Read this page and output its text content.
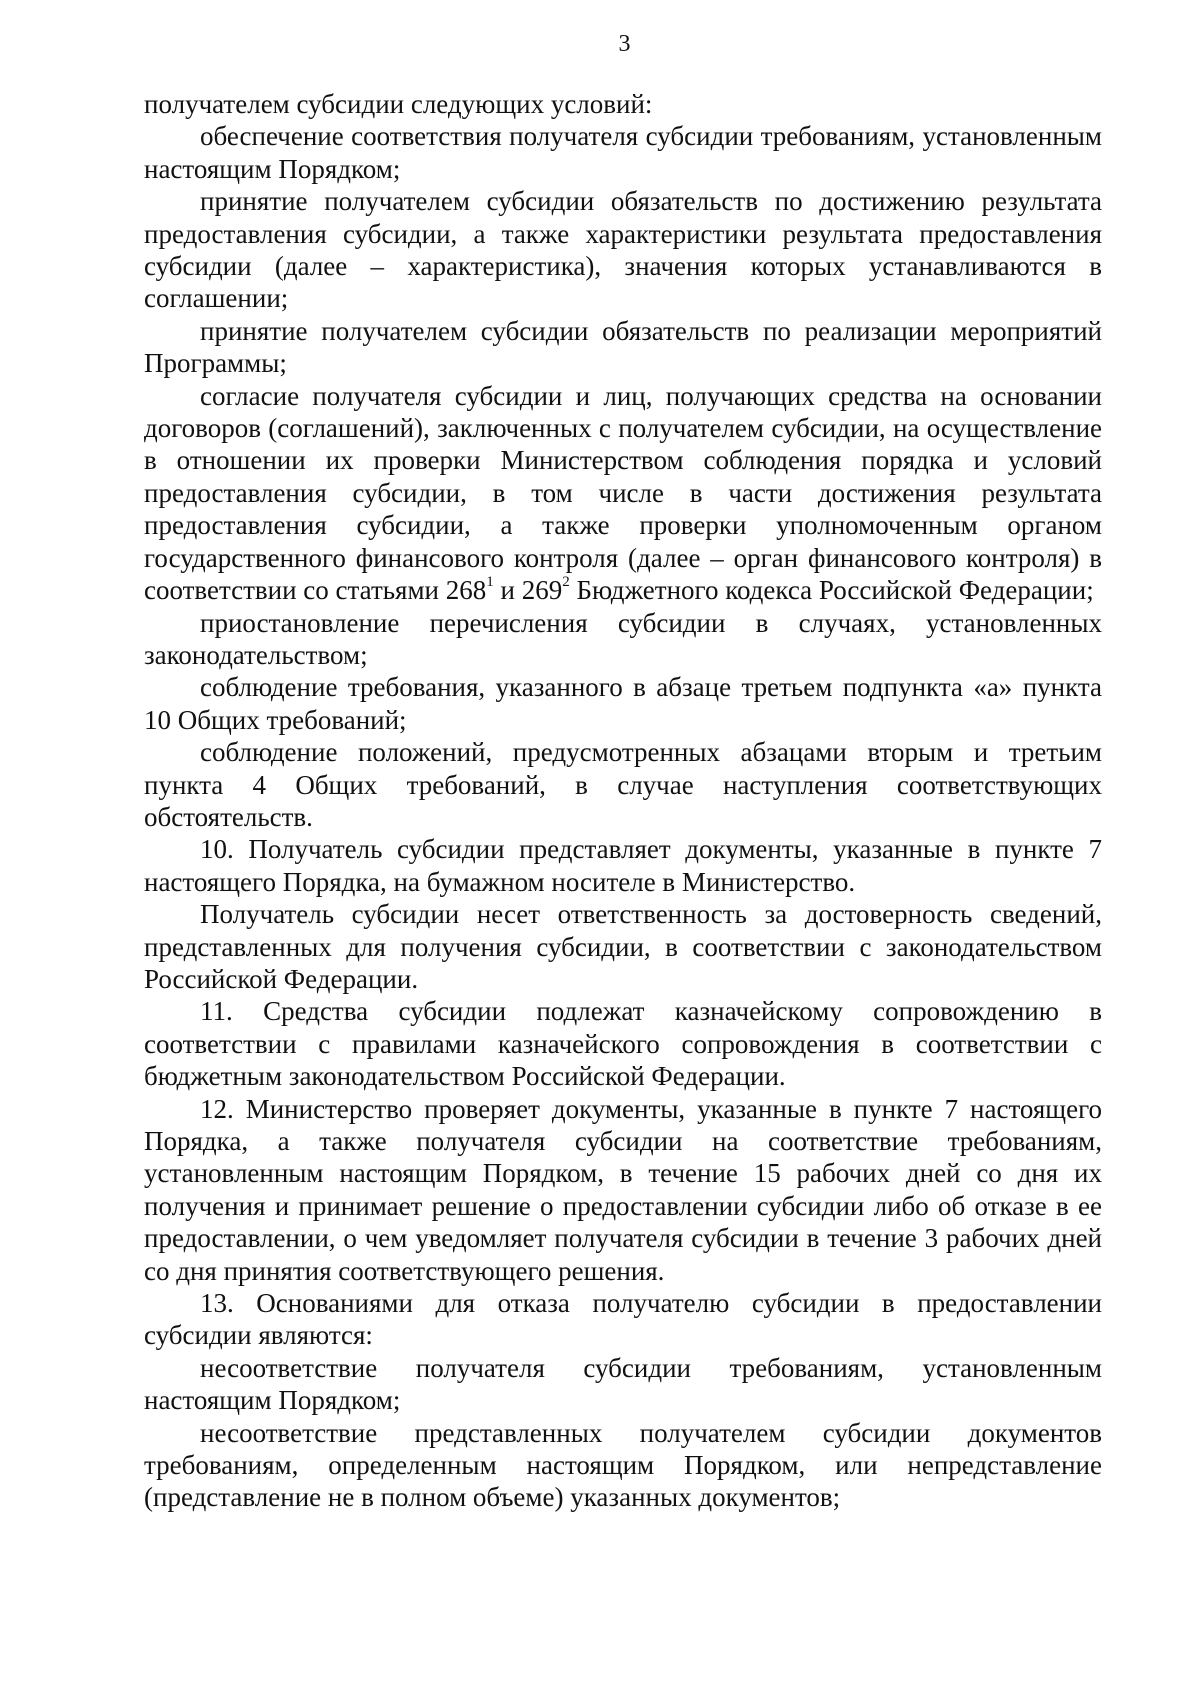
3

получателем субсидии следующих условий:

обеспечение соответствия получателя субсидии требованиям, установленным настоящим Порядком;

принятие получателем субсидии обязательств по достижению результата предоставления субсидии, а также характеристики результата предоставления субсидии (далее – характеристика), значения которых устанавливаются в соглашении;

принятие получателем субсидии обязательств по реализации мероприятий Программы;

согласие получателя субсидии и лиц, получающих средства на основании договоров (соглашений), заключенных с получателем субсидии, на осуществление в отношении их проверки Министерством соблюдения порядка и условий предоставления субсидии, в том числе в части достижения результата предоставления субсидии, а также проверки уполномоченным органом государственного финансового контроля (далее – орган финансового контроля) в соответствии со статьями $268^1$ и $269^2$ Бюджетного кодекса Российской Федерации;

приостановление перечисления субсидии в случаях, установленных законодательством;

соблюдение требования, указанного в абзаце третьем подпункта «а» пункта 10 Общих требований;

соблюдение положений, предусмотренных абзацами вторым и третьим пункта 4 Общих требований, в случае наступления соответствующих обстоятельств.

10. Получатель субсидии представляет документы, указанные в пункте 7 настоящего Порядка, на бумажном носителе в Министерство.

Получатель субсидии несет ответственность за достоверность сведений, представленных для получения субсидии, в соответствии с законодательством Российской Федерации.

11. Средства субсидии подлежат казначейскому сопровождению в соответствии с правилами казначейского сопровождения в соответствии с бюджетным законодательством Российской Федерации.

12. Министерство проверяет документы, указанные в пункте 7 настоящего Порядка, а также получателя субсидии на соответствие требованиям, установленным настоящим Порядком, в течение 15 рабочих дней со дня их получения и принимает решение о предоставлении субсидии либо об отказе в ее предоставлении, о чем уведомляет получателя субсидии в течение 3 рабочих дней со дня принятия соответствующего решения.

13. Основаниями для отказа получателю субсидии в предоставлении субсидии являются:

несоответствие получателя субсидии требованиям, установленным настоящим Порядком;

несоответствие представленных получателем субсидии документов требованиям, определенным настоящим Порядком, или непредставление (представление не в полном объеме) указанных документов;
